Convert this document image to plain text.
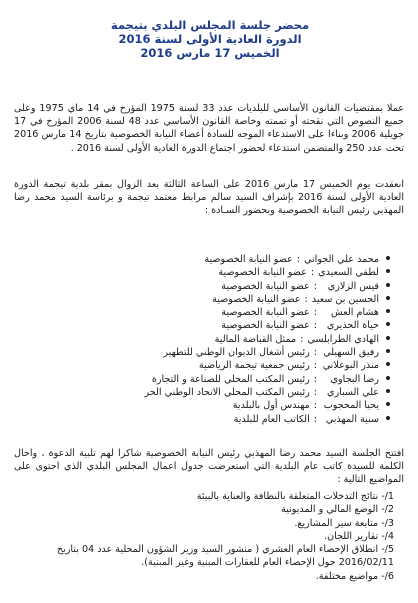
محضر جلسة المجلس البلدي بتيجمة
الدورة العادية الأولى لسنة 2016
الخميس 17 مارس 2016

عملا بمقتضيات القانون الأساسي للبلديات عدد 33 لسنة 1975 المؤرخ في 14 ماي 1975 وعلى جميع النصوص التي نقحته أو تممته وخاصة القانون الأساسي عدد 48 لسنة 2006 المؤرخ في 17 جويلية 2006 وبناءا على الاستدعاء الموجه للسادة أعضاء النيابة الخصوصية بتاريخ 14 مارس 2016 تحت عدد 250 والمتضمن استدعاء لحضور اجتماع الدورة العادية الأولى لسنة 2016 .

انعقدت يوم الخميس 17 مارس 2016 على الساعة الثالثة بعد الزوال بمقر بلدية تيجمة الدورة العادية الأولى لسنة 2016 بإشراف السيد سالم مرابط معتمد تيجمة و برئاسة السيد محمد رضا المهذبي رئيس النيابة الخصوصية وبحضور السـادة :

محمد علي الجواني
:
عضو النيابة الخصوصية
لطفي السعيدي
:
عضو النيابة الخصوصية
قيس الزلازي
:
عضو النيابة الخصوصية
الحسين بن سعيد
:
عضو النيابة الخصوصية
هشام العش
:
عضو النيابة الخصوصية
حياة الحذيري
:
عضو النيابة الخصوصية
الهادي الطرابلسي
:
ممثل القباضة المالية
رفيق السهيلي
:
رئيس أشغال الديوان الوطني للتطهير
منذر البوعلاني
:
رئيس جمعية تيجمة الرياضية
رضا البجاوي
:
رئيس المكتب المحلي للصناعة و التجارة
علي السباري
:
رئيس المكتب المحلي الاتحاد الوطني الحر
يحيا المحجوب
:
مهندس أول بالبلدية
سنية المهذبي
:
الكاتب العام للبلدية

افتتح الجلسة السيد محمد رضا المهذبي رئيس النيابة الخصوصية شاكرا لهم تلبية الدعوة ، واحال الكلمة للسيدة كاتب عام البلدية التي استعرضت جدول اعمال المجلس البلدي الذي احتوى على المواضيع التالية :

1/- نتائج التدخلات المتعلقة بالنظافة والعناية بالبيئة
2/- الوضع المالي و المديونية
3/- متابعة سير المشاريع.
4/- تقارير اللجان.
5/- انطلاق الإحصاء العام العشري ( منشور السيد وزير الشؤون المحلية عدد 04 بتاريخ 2016/02/11 حول الإحصاء العام للعقارات المبنية وغير المبنية).
6/- مواضيع مختلفة.
